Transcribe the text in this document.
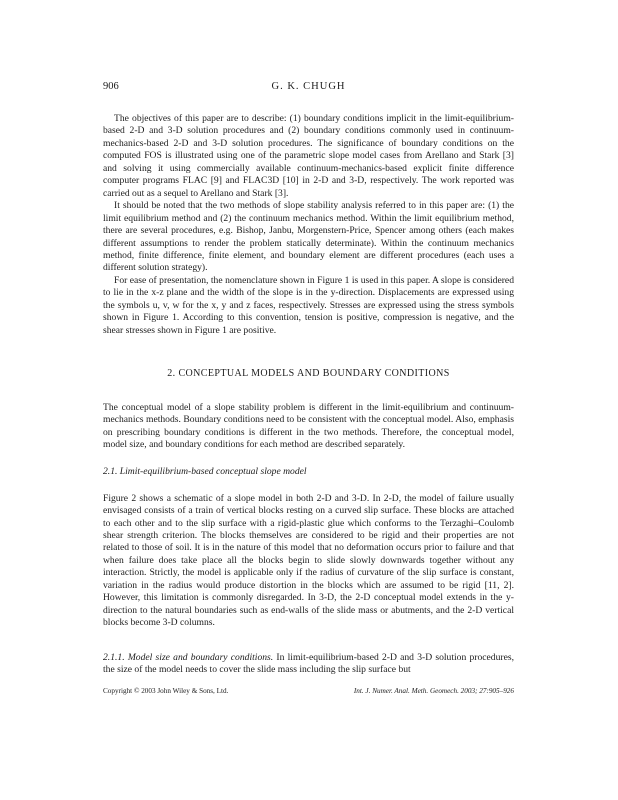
906	G. K. CHUGH

The objectives of this paper are to describe: (1) boundary conditions implicit in the limit-equilibrium-based 2-D and 3-D solution procedures and (2) boundary conditions commonly used in continuum-mechanics-based 2-D and 3-D solution procedures. The significance of boundary conditions on the computed FOS is illustrated using one of the parametric slope model cases from Arellano and Stark [3] and solving it using commercially available continuum-mechanics-based explicit finite difference computer programs FLAC [9] and FLAC3D [10] in 2-D and 3-D, respectively. The work reported was carried out as a sequel to Arellano and Stark [3].

It should be noted that the two methods of slope stability analysis referred to in this paper are: (1) the limit equilibrium method and (2) the continuum mechanics method. Within the limit equilibrium method, there are several procedures, e.g. Bishop, Janbu, Morgenstern-Price, Spencer among others (each makes different assumptions to render the problem statically determinate). Within the continuum mechanics method, finite difference, finite element, and boundary element are different procedures (each uses a different solution strategy).

For ease of presentation, the nomenclature shown in Figure 1 is used in this paper. A slope is considered to lie in the x-z plane and the width of the slope is in the y-direction. Displacements are expressed using the symbols u, v, w for the x, y and z faces, respectively. Stresses are expressed using the stress symbols shown in Figure 1. According to this convention, tension is positive, compression is negative, and the shear stresses shown in Figure 1 are positive.

2. CONCEPTUAL MODELS AND BOUNDARY CONDITIONS

The conceptual model of a slope stability problem is different in the limit-equilibrium and continuum-mechanics methods. Boundary conditions need to be consistent with the conceptual model. Also, emphasis on prescribing boundary conditions is different in the two methods. Therefore, the conceptual model, model size, and boundary conditions for each method are described separately.

2.1. Limit-equilibrium-based conceptual slope model

Figure 2 shows a schematic of a slope model in both 2-D and 3-D. In 2-D, the model of failure usually envisaged consists of a train of vertical blocks resting on a curved slip surface. These blocks are attached to each other and to the slip surface with a rigid-plastic glue which conforms to the Terzaghi–Coulomb shear strength criterion. The blocks themselves are considered to be rigid and their properties are not related to those of soil. It is in the nature of this model that no deformation occurs prior to failure and that when failure does take place all the blocks begin to slide slowly downwards together without any interaction. Strictly, the model is applicable only if the radius of curvature of the slip surface is constant, variation in the radius would produce distortion in the blocks which are assumed to be rigid [11, 2]. However, this limitation is commonly disregarded. In 3-D, the 2-D conceptual model extends in the y-direction to the natural boundaries such as end-walls of the slide mass or abutments, and the 2-D vertical blocks become 3-D columns.

2.1.1. Model size and boundary conditions. In limit-equilibrium-based 2-D and 3-D solution procedures, the size of the model needs to cover the slide mass including the slip surface but

Copyright © 2003 John Wiley & Sons, Ltd.	Int. J. Numer. Anal. Meth. Geomech. 2003; 27:905–926
